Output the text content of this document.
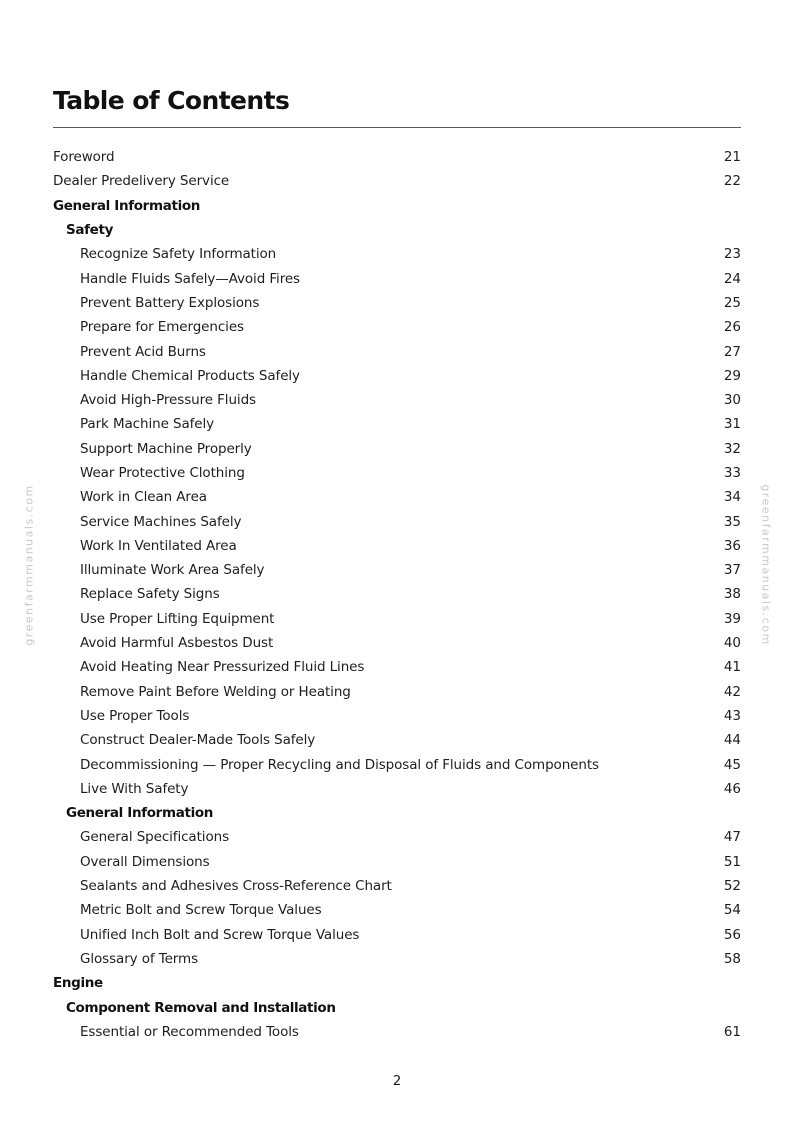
Table of Contents
Foreword	21
Dealer Predelivery Service	22
General Information
Safety
Recognize Safety Information	23
Handle Fluids Safely—Avoid Fires	24
Prevent Battery Explosions	25
Prepare for Emergencies	26
Prevent Acid Burns	27
Handle Chemical Products Safely	29
Avoid High-Pressure Fluids	30
Park Machine Safely	31
Support Machine Properly	32
Wear Protective Clothing	33
Work in Clean Area	34
Service Machines Safely	35
Work In Ventilated Area	36
Illuminate Work Area Safely	37
Replace Safety Signs	38
Use Proper Lifting Equipment	39
Avoid Harmful Asbestos Dust	40
Avoid Heating Near Pressurized Fluid Lines	41
Remove Paint Before Welding or Heating	42
Use Proper Tools	43
Construct Dealer-Made Tools Safely	44
Decommissioning — Proper Recycling and Disposal of Fluids and Components	45
Live With Safety	46
General Information
General Specifications	47
Overall Dimensions	51
Sealants and Adhesives Cross-Reference Chart	52
Metric Bolt and Screw Torque Values	54
Unified Inch Bolt and Screw Torque Values	56
Glossary of Terms	58
Engine
Component Removal and Installation
Essential or Recommended Tools	61
greenfarmmanuals.com	greenfarmmanuals.com
2
